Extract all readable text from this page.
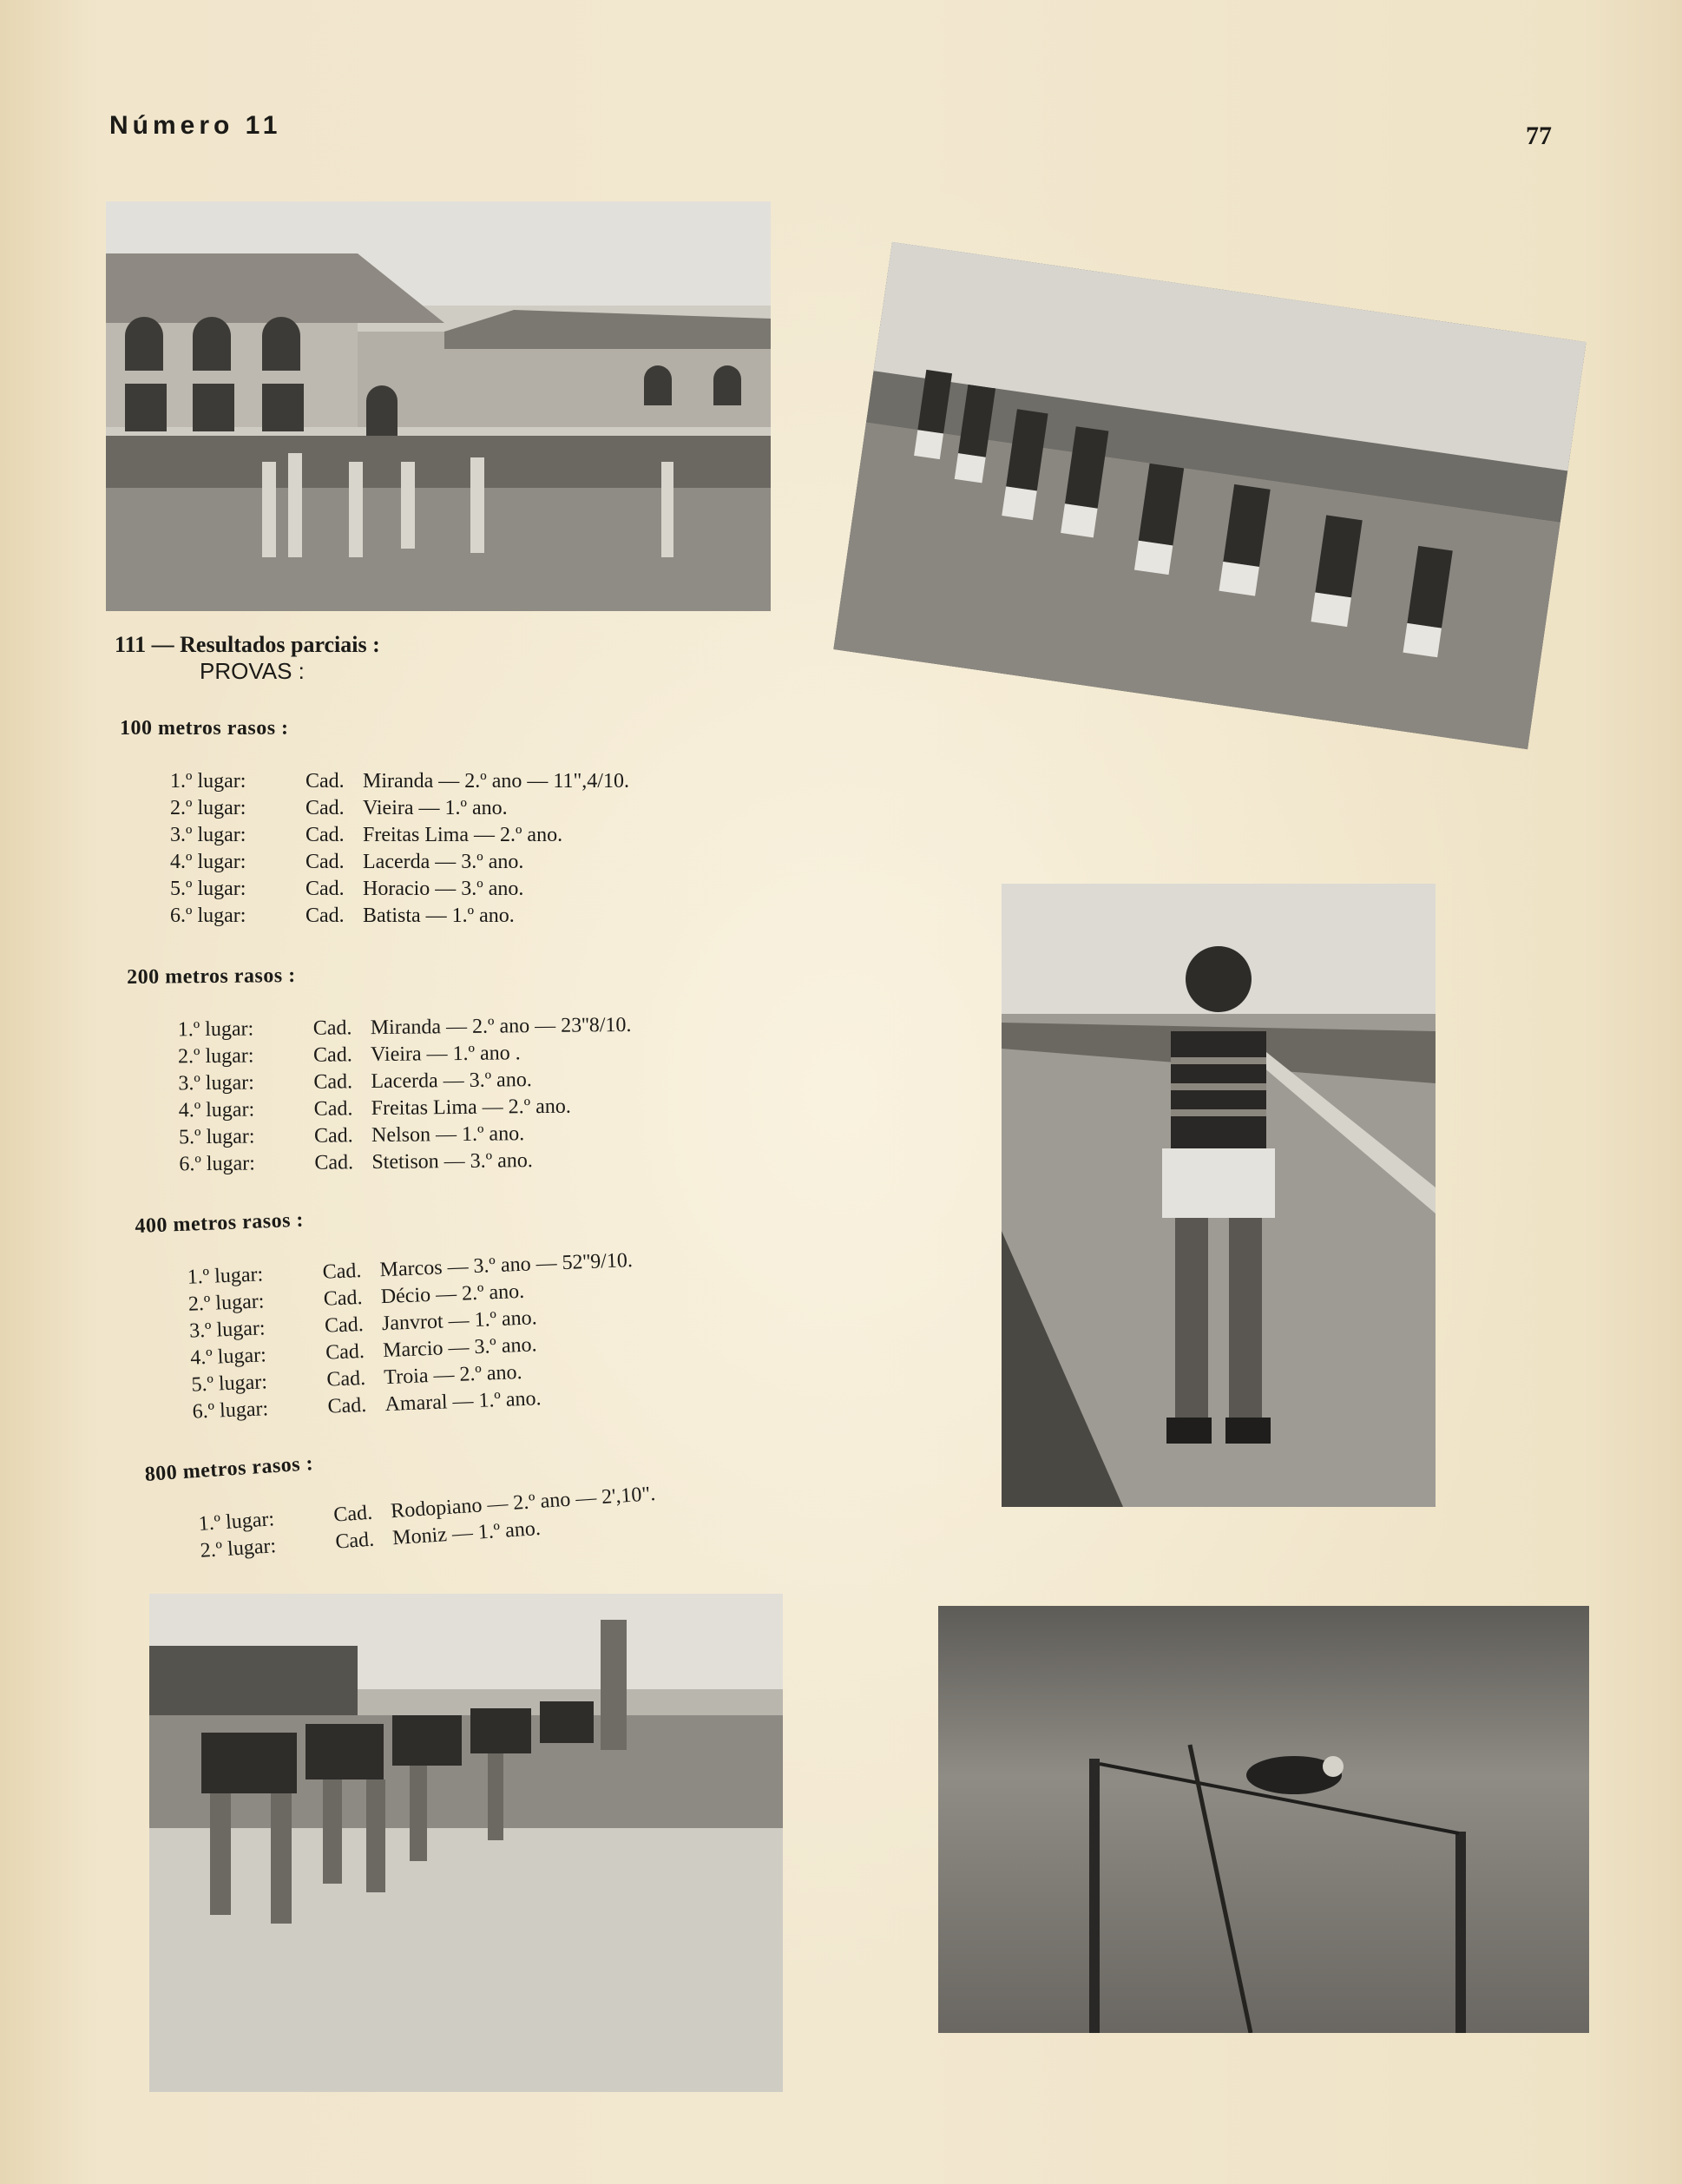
Número 11	77
111 — Resultados parciais :
PROVAS :
100 metros rasos :
1.º lugar:	Cad. Miranda — 2.º ano — 11",4/10.
2.º lugar:	Cad. Vieira — 1.º ano.
3.º lugar:	Cad. Freitas Lima — 2.º ano.
4.º lugar:	Cad. Lacerda — 3.º ano.
5.º lugar:	Cad. Horacio — 3.º ano.
6.º lugar:	Cad. Batista — 1.º ano.
200 metros rasos :
1.º lugar:	Cad. Miranda — 2.º ano — 23''8/10.
2.º lugar:	Cad. Vieira — 1.º ano .
3.º lugar:	Cad. Lacerda — 3.º ano.
4.º lugar:	Cad. Freitas Lima — 2.º ano.
5.º lugar:	Cad. Nelson — 1.º ano.
6.º lugar:	Cad. Stetison — 3.º ano.
400 metros rasos :
1.º lugar:	Cad. Marcos — 3.º ano — 52''9/10.
2.º lugar:	Cad. Décio — 2.º ano.
3.º lugar:	Cad. Janvrot — 1.º ano.
4.º lugar:	Cad. Marcio — 3.º ano.
5.º lugar:	Cad. Troia — 2.º ano.
6.º lugar:	Cad. Amaral — 1.º ano.
800 metros rasos :
1.º lugar:	Cad. Rodopiano — 2.º ano — 2',10".
2.º lugar:	Cad. Moniz — 1.º ano.
